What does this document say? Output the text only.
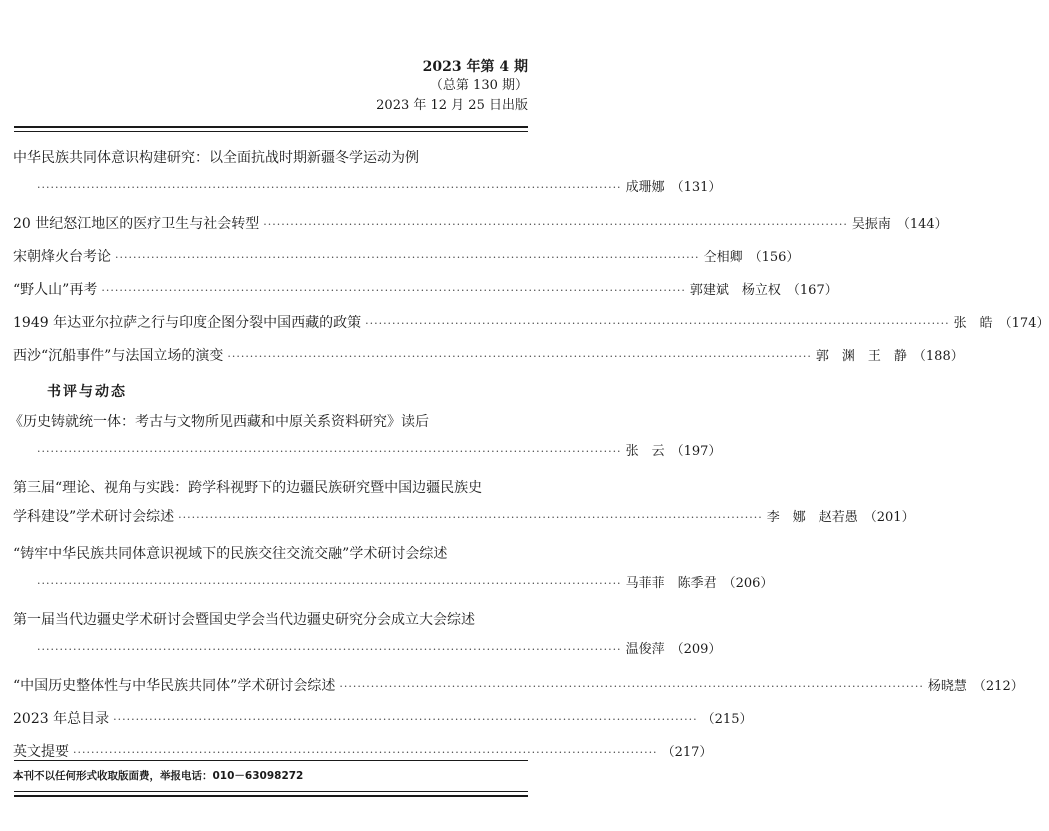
2023 年第 4 期
（总第 130 期）
2023 年 12 月 25 日出版
中华民族共同体意识构建研究：以全面抗战时期新疆冬学运动为例
·································································································································· 成珊娜 （131）
20 世纪怒江地区的医疗卫生与社会转型 ·································································································································· 吴振南 （144）
宋朝烽火台考论 ·································································································································· 仝相卿 （156）
“野人山”再考 ·································································································································· 郭建斌　杨立权 （167）
1949 年达亚尔拉萨之行与印度企图分裂中国西藏的政策 ·································································································································· 张　皓 （174）
西沙“沉船事件”与法国立场的演变 ·································································································································· 郭　渊　王　静 （188）
书评与动态
《历史铸就统一体：考古与文物所见西藏和中原关系资料研究》读后
·································································································································· 张　云 （197）
第三届“理论、视角与实践：跨学科视野下的边疆民族研究暨中国边疆民族史
学科建设”学术研讨会综述 ·································································································································· 李　娜　赵若愚 （201）
“铸牢中华民族共同体意识视域下的民族交往交流交融”学术研讨会综述
·································································································································· 马菲菲　陈季君 （206）
第一届当代边疆史学术研讨会暨国史学会当代边疆史研究分会成立大会综述
·································································································································· 温俊萍 （209）
“中国历史整体性与中华民族共同体”学术研讨会综述 ·································································································································· 杨晓慧 （212）
2023 年总目录 ·································································································································· （215）
英文提要 ·································································································································· （217）
本刊不以任何形式收取版面费，举报电话：010－63098272
